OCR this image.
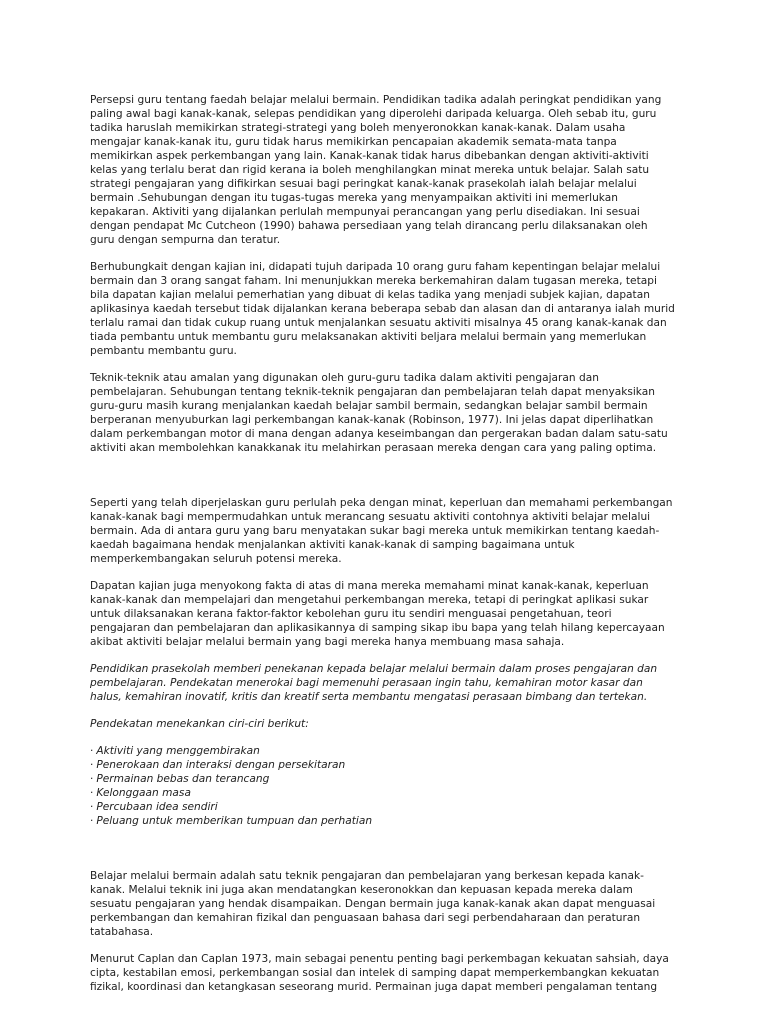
Persepsi guru tentang faedah belajar melalui bermain. Pendidikan tadika adalah peringkat pendidikan yang paling awal bagi kanak-kanak, selepas pendidikan yang diperolehi daripada keluarga. Oleh sebab itu, guru tadika haruslah memikirkan strategi-strategi yang boleh menyeronokkan kanak-kanak. Dalam usaha mengajar kanak-kanak itu, guru tidak harus memikirkan pencapaian akademik semata-mata tanpa memikirkan aspek perkembangan yang lain. Kanak-kanak tidak harus dibebankan dengan aktiviti-aktiviti kelas yang terlalu berat dan rigid kerana ia boleh menghilangkan minat mereka untuk belajar. Salah satu strategi pengajaran yang difikirkan sesuai bagi peringkat kanak-kanak prasekolah ialah belajar melalui bermain .Sehubungan dengan itu tugas-tugas mereka yang menyampaikan aktiviti ini memerlukan kepakaran. Aktiviti yang dijalankan perlulah mempunyai perancangan yang perlu disediakan. Ini sesuai dengan pendapat Mc Cutcheon (1990) bahawa persediaan yang telah dirancang perlu dilaksanakan oleh guru dengan sempurna dan teratur.

Berhubungkait dengan kajian ini, didapati tujuh daripada 10 orang guru faham kepentingan belajar melalui bermain dan 3 orang sangat faham. Ini menunjukkan mereka berkemahiran dalam tugasan mereka, tetapi bila dapatan kajian melalui pemerhatian yang dibuat di kelas tadika yang menjadi subjek kajian, dapatan aplikasinya kaedah tersebut tidak dijalankan kerana beberapa sebab dan alasan dan di antaranya ialah murid terlalu ramai dan tidak cukup ruang untuk menjalankan sesuatu aktiviti misalnya 45 orang kanak-kanak dan tiada pembantu untuk membantu guru melaksanakan aktiviti beljara melalui bermain yang memerlukan pembantu membantu guru.

Teknik-teknik atau amalan yang digunakan oleh guru-guru tadika dalam aktiviti pengajaran dan pembelajaran. Sehubungan tentang teknik-teknik pengajaran dan pembelajaran telah dapat menyaksikan guru-guru masih kurang menjalankan kaedah belajar sambil bermain, sedangkan belajar sambil bermain berperanan menyuburkan lagi perkembangan kanak-kanak (Robinson, 1977). Ini jelas dapat diperlihatkan dalam perkembangan motor di mana dengan adanya keseimbangan dan pergerakan badan dalam satu-satu aktiviti akan membolehkan kanakkanak itu melahirkan perasaan mereka dengan cara yang paling optima.

Seperti yang telah diperjelaskan guru perlulah peka dengan minat, keperluan dan memahami perkembangan kanak-kanak bagi mempermudahkan untuk merancang sesuatu aktiviti contohnya aktiviti belajar melalui bermain. Ada di antara guru yang baru menyatakan sukar bagi mereka untuk memikirkan tentang kaedah-kaedah bagaimana hendak menjalankan aktiviti kanak-kanak di samping bagaimana untuk memperkembangakan seluruh potensi mereka.

Dapatan kajian juga menyokong fakta di atas di mana mereka memahami minat kanak-kanak, keperluan kanak-kanak dan mempelajari dan mengetahui perkembangan mereka, tetapi di peringkat aplikasi sukar untuk dilaksanakan kerana faktor-faktor kebolehan guru itu sendiri menguasai pengetahuan, teori pengajaran dan pembelajaran dan aplikasikannya di samping sikap ibu bapa yang telah hilang kepercayaan akibat aktiviti belajar melalui bermain yang bagi mereka hanya membuang masa sahaja.

Pendidikan prasekolah memberi penekanan kepada belajar melalui bermain dalam proses pengajaran dan pembelajaran. Pendekatan menerokai bagi memenuhi perasaan ingin tahu, kemahiran motor kasar dan halus, kemahiran inovatif, kritis dan kreatif serta membantu mengatasi perasaan bimbang dan tertekan.

Pendekatan menekankan ciri-ciri berikut:

· Aktiviti yang menggembirakan
· Penerokaan dan interaksi dengan persekitaran
· Permainan bebas dan terancang
· Kelonggaan masa
· Percubaan idea sendiri
· Peluang untuk memberikan tumpuan dan perhatian

Belajar melalui bermain adalah satu teknik pengajaran dan pembelajaran yang berkesan kepada kanak-kanak. Melalui teknik ini juga akan mendatangkan keseronokkan dan kepuasan kepada mereka dalam sesuatu pengajaran yang hendak disampaikan. Dengan bermain juga kanak-kanak akan dapat menguasai perkembangan dan kemahiran fizikal dan penguasaan bahasa dari segi perbendaharaan dan peraturan tatabahasa.

Menurut Caplan dan Caplan 1973, main sebagai penentu penting bagi perkembagan kekuatan sahsiah, daya cipta, kestabilan emosi, perkembangan sosial dan intelek di samping dapat memperkembangkan kekuatan fizikal, koordinasi dan ketangkasan seseorang murid. Permainan juga dapat memberi pengalaman tentang
